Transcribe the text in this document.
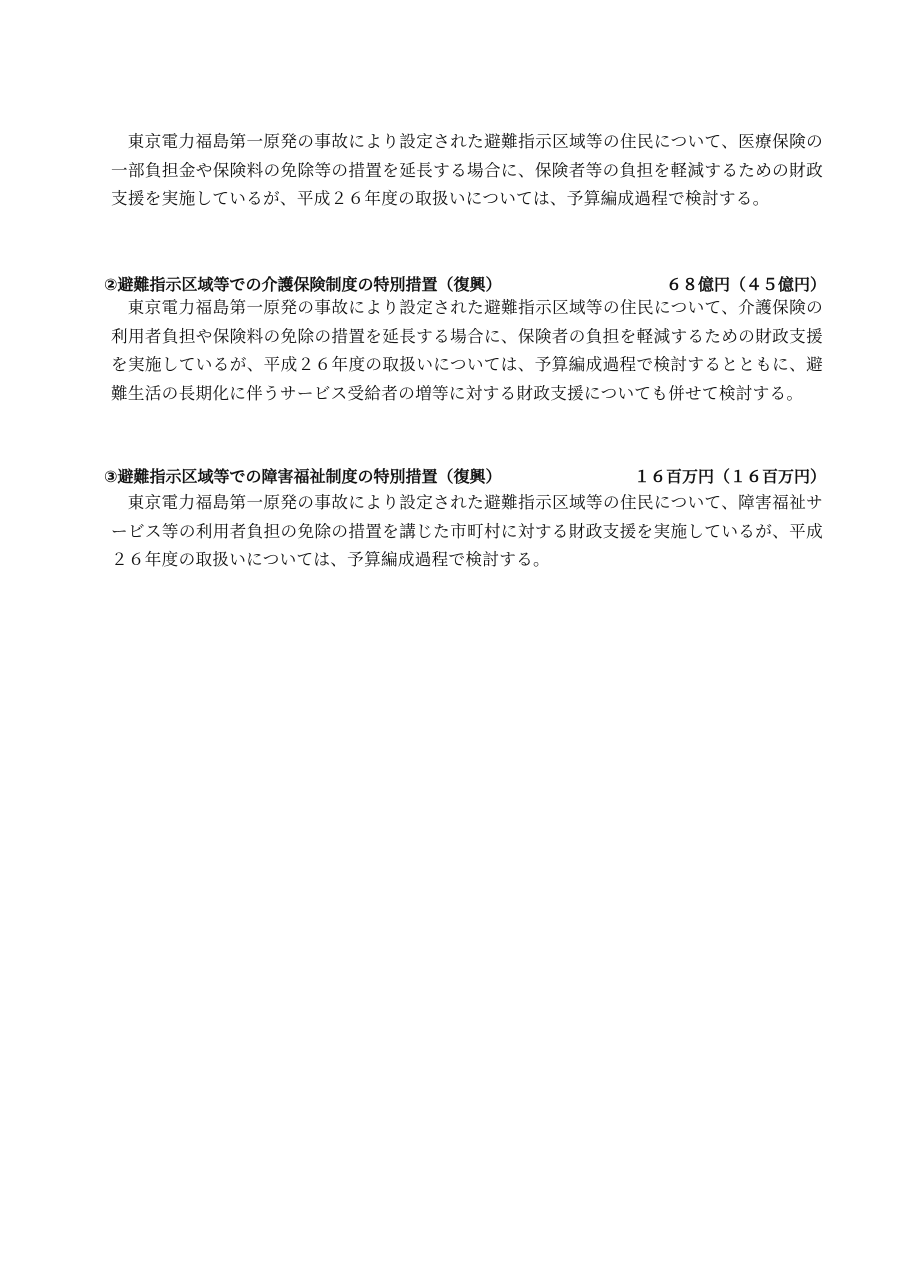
東京電力福島第一原発の事故により設定された避難指示区域等の住民について、医療保険の一部負担金や保険料の免除等の措置を延長する場合に、保険者等の負担を軽減するための財政支援を実施しているが、平成２６年度の取扱いについては、予算編成過程で検討する。

②避難指示区域等での介護保険制度の特別措置（復興）	６８億円（４５億円）

東京電力福島第一原発の事故により設定された避難指示区域等の住民について、介護保険の利用者負担や保険料の免除の措置を延長する場合に、保険者の負担を軽減するための財政支援を実施しているが、平成２６年度の取扱いについては、予算編成過程で検討するとともに、避難生活の長期化に伴うサービス受給者の増等に対する財政支援についても併せて検討する。

③避難指示区域等での障害福祉制度の特別措置（復興）	１６百万円（１６百万円）

東京電力福島第一原発の事故により設定された避難指示区域等の住民について、障害福祉サービス等の利用者負担の免除の措置を講じた市町村に対する財政支援を実施しているが、平成２６年度の取扱いについては、予算編成過程で検討する。
